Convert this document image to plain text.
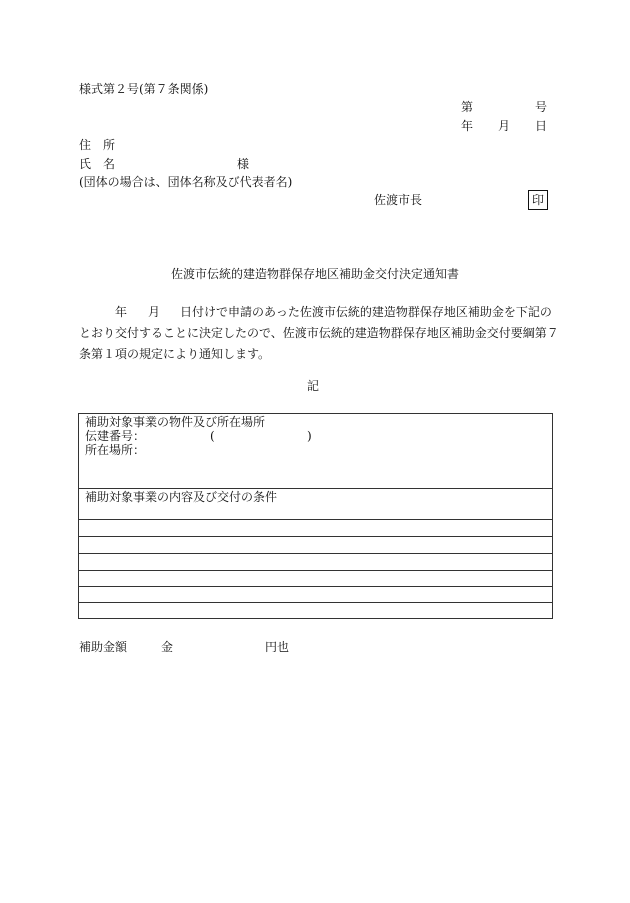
様式第２号(第７条関係)
第	号
年 月 日
住　所
氏　名	様
(団体の場合は、団体名称及び代表者名)
佐渡市長	印
佐渡市伝統的建造物群保存地区補助金交付決定通知書
年 月 日付けで申請のあった佐渡市伝統的建造物群保存地区補助金を下記の
とおり交付することに決定したので、佐渡市伝統的建造物群保存地区補助金交付要綱第７
条第１項の規定により通知します。
記
補助対象事業の物件及び所在場所
伝建番号：	(	)
所在場所：

補助対象事業の内容及び交付の条件

補助金額	金	円也
